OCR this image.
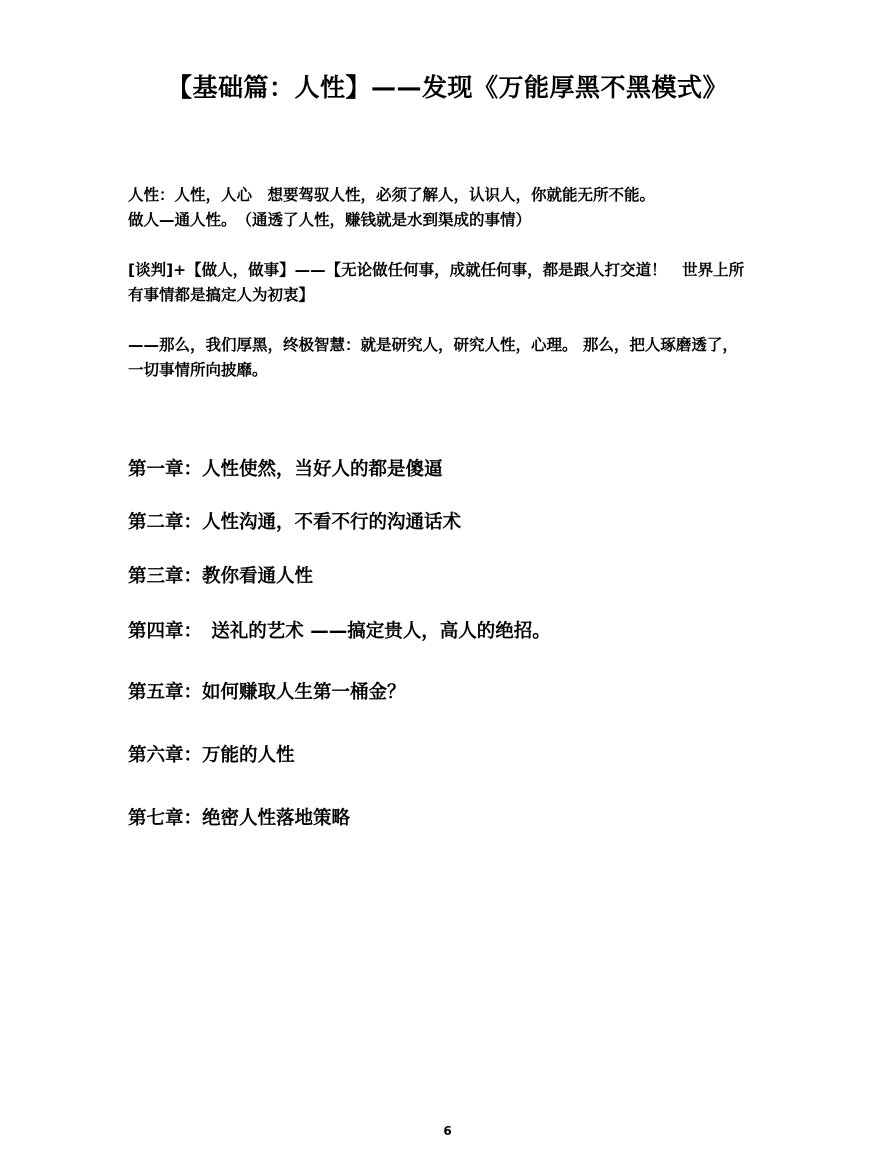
【基础篇：人性】——发现《万能厚黑不黑模式》
人性：人性，人心　想要驾驭人性，必须了解人，认识人，你就能无所不能。
做人—通人性。　（通透了人性，赚钱就是水到渠成的事情）
[谈判]+【做人，做事】——【无论做任何事，成就任何事，都是跟人打交道！　世界上所
有事情都是搞定人为初衷】
——那么，我们厚黑，终极智慧：就是研究人，研究人性，心理。 那么，把人琢磨透了，
一切事情所向披靡。
第一章：人性使然，当好人的都是傻逼
第二章：人性沟通，不看不行的沟通话术
第三章：教你看通人性
第四章：　送礼的艺术 ——搞定贵人，高人的绝招。
第五章：如何赚取人生第一桶金？
第六章：万能的人性
第七章：绝密人性落地策略
6
